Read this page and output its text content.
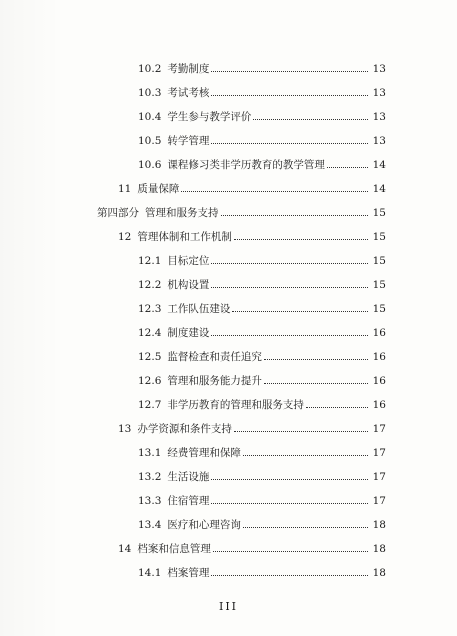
10.2 考勤制度	13
10.3 考试考核	13
10.4 学生参与教学评价	13
10.5 转学管理	13
10.6 课程修习类非学历教育的教学管理	14
11 质量保障	14
第四部分 管理和服务支持	15
12 管理体制和工作机制	15
12.1 目标定位	15
12.2 机构设置	15
12.3 工作队伍建设	15
12.4 制度建设	16
12.5 监督检查和责任追究	16
12.6 管理和服务能力提升	16
12.7 非学历教育的管理和服务支持	16
13 办学资源和条件支持	17
13.1 经费管理和保障	17
13.2 生活设施	17
13.3 住宿管理	17
13.4 医疗和心理咨询	18
14 档案和信息管理	18
14.1 档案管理	18
III
